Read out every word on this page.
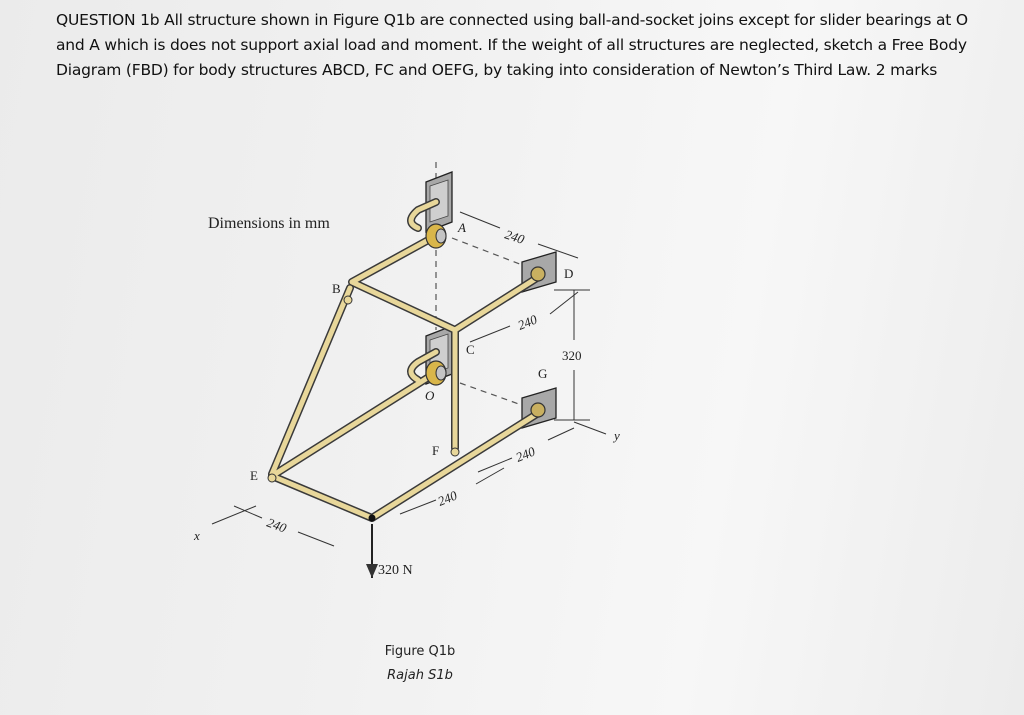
QUESTION 1b All structure shown in Figure Q1b are connected using ball-and-socket joins except for slider bearings at O and A which is does not support axial load and moment. If the weight of all structures are neglected, sketch a Free Body Diagram (FBD) for body structures ABCD, FC and OEFG, by taking into consideration of Newton’s Third Law. 2 marks

Dimensions in mm	A
B
C
D
E
F
G
O
x
y
240
240
320
240
240
240
320 N
Figure Q1b
Rajah S1b
